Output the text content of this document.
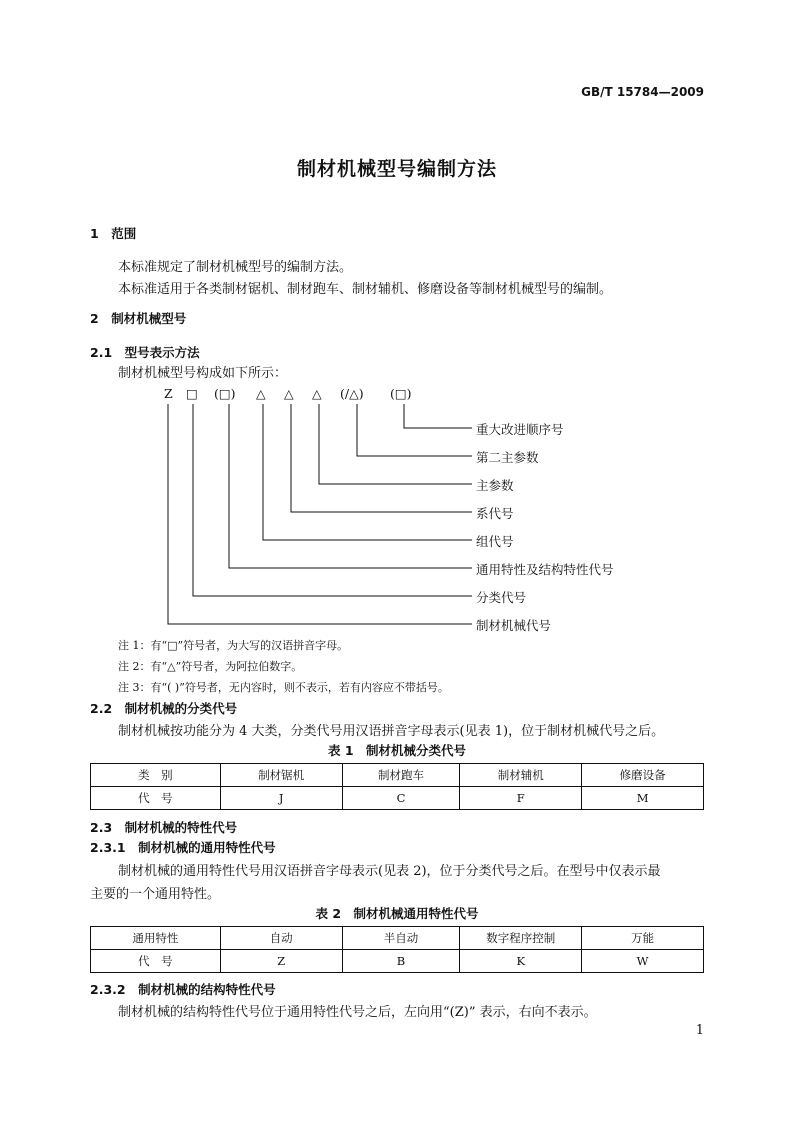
GB/T 15784—2009
制材机械型号编制方法
1　范围
本标准规定了制材机械型号的编制方法。
本标准适用于各类制材锯机、制材跑车、制材辅机、修磨设备等制材机械型号的编制。
2　制材机械型号
2.1　型号表示方法
制材机械型号构成如下所示：
Z □ (□) △ △ △ (/△) (□)
重大改进顺序号
第二主参数
主参数
系代号
组代号
通用特性及结构特性代号
分类代号
制材机械代号
注 1：有“□”符号者，为大写的汉语拼音字母。
注 2：有“△”符号者，为阿拉伯数字。
注 3：有“( )”符号者，无内容时，则不表示，若有内容应不带括号。
2.2　制材机械的分类代号
制材机械按功能分为 4 大类，分类代号用汉语拼音字母表示(见表 1)，位于制材机械代号之后。
表 1　制材机械分类代号
类　别	制材锯机	制材跑车	制材辅机	修磨设备
代　号	J	C	F	M
2.3　制材机械的特性代号
2.3.1　制材机械的通用特性代号
制材机械的通用特性代号用汉语拼音字母表示(见表 2)，位于分类代号之后。在型号中仅表示最
主要的一个通用特性。
表 2　制材机械通用特性代号
通用特性	自动	半自动	数字程序控制	万能
代　号	Z	B	K	W
2.3.2　制材机械的结构特性代号
制材机械的结构特性代号位于通用特性代号之后，左向用“(Z)” 表示，右向不表示。
1
